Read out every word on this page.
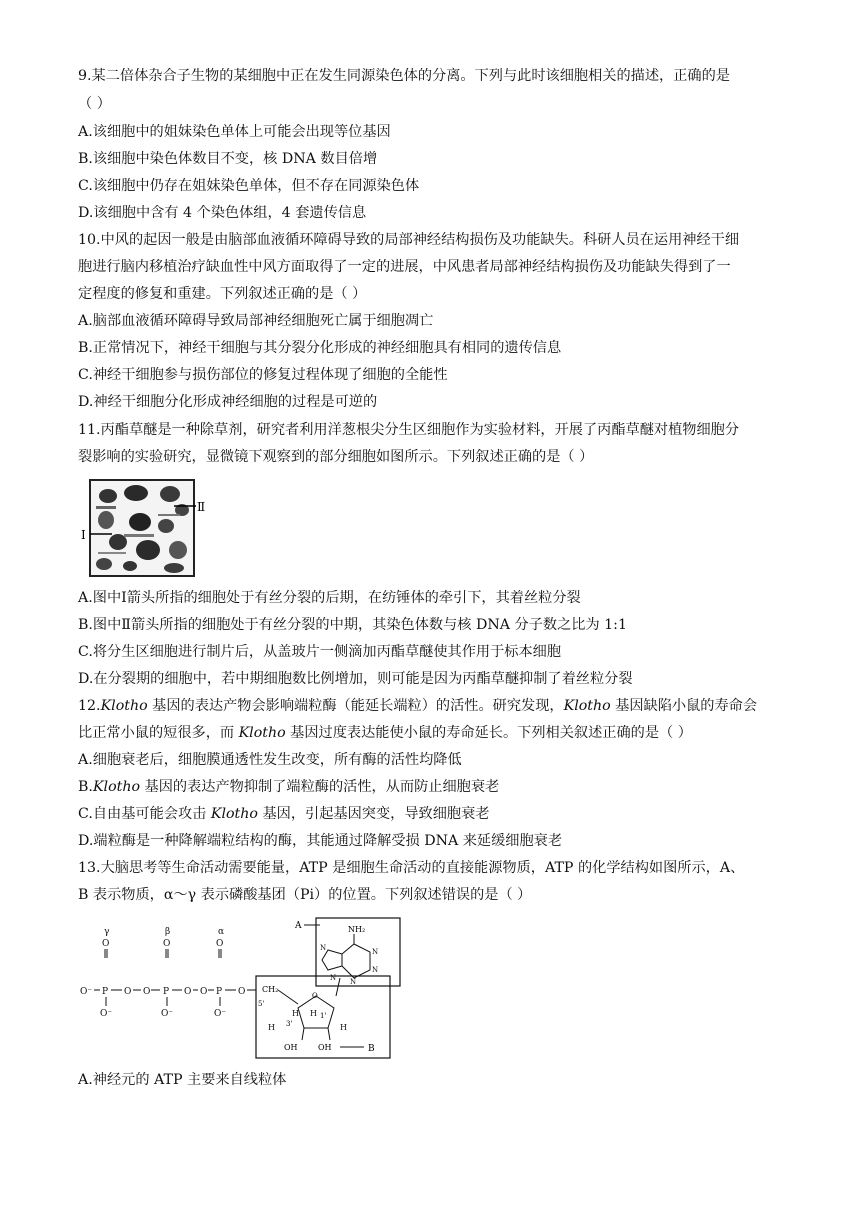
9.某二倍体杂合子生物的某细胞中正在发生同源染色体的分离。下列与此时该细胞相关的描述，正确的是
（ ）
A.该细胞中的姐妹染色单体上可能会出现等位基因
B.该细胞中染色体数目不变，核 DNA 数目倍增
C.该细胞中仍存在姐妹染色单体，但不存在同源染色体
D.该细胞中含有 4 个染色体组，4 套遗传信息
10.中风的起因一般是由脑部血液循环障碍导致的局部神经结构损伤及功能缺失。科研人员在运用神经干细
胞进行脑内移植治疗缺血性中风方面取得了一定的进展，中风患者局部神经结构损伤及功能缺失得到了一
定程度的修复和重建。下列叙述正确的是（ ）
A.脑部血液循环障碍导致局部神经细胞死亡属于细胞凋亡
B.正常情况下，神经干细胞与其分裂分化形成的神经细胞具有相同的遗传信息
C.神经干细胞参与损伤部位的修复过程体现了细胞的全能性
D.神经干细胞分化形成神经细胞的过程是可逆的
11.丙酯草醚是一种除草剂，研究者利用洋葱根尖分生区细胞作为实验材料，开展了丙酯草醚对植物细胞分
裂影响的实验研究，显微镜下观察到的部分细胞如图所示。下列叙述正确的是（ ）
Ⅰ
Ⅱ
A.图中Ⅰ箭头所指的细胞处于有丝分裂的后期，在纺锤体的牵引下，其着丝粒分裂
B.图中Ⅱ箭头所指的细胞处于有丝分裂的中期，其染色体数与核 DNA 分子数之比为 1:1
C.将分生区细胞进行制片后，从盖玻片一侧滴加丙酯草醚使其作用于标本细胞
D.在分裂期的细胞中，若中期细胞数比例增加，则可能是因为丙酯草醚抑制了着丝粒分裂
12.Klotho 基因的表达产物会影响端粒酶（能延长端粒）的活性。研究发现，Klotho 基因缺陷小鼠的寿命会
比正常小鼠的短很多，而 Klotho 基因过度表达能使小鼠的寿命延长。下列相关叙述正确的是（ ）
A.细胞衰老后，细胞膜通透性发生改变，所有酶的活性均降低
B.Klotho 基因的表达产物抑制了端粒酶的活性，从而防止细胞衰老
C.自由基可能会攻击 Klotho 基因，引起基因突变，导致细胞衰老
D.端粒酶是一种降解端粒结构的酶，其能通过降解受损 DNA 来延缓细胞衰老
13.大脑思考等生命活动需要能量，ATP 是细胞生命活动的直接能源物质，ATP 的化学结构如图所示，A、
B 表示物质，α～γ 表示磷酸基团（Pi）的位置。下列叙述错误的是（ ）
γ	β	α
O	O	O
O⁻ P O O P O O P O
O⁻	O⁻	O⁻
A	NH₂
N
N
N
N
N
CH₂
5'
O
1'
3'
H
H
H
H
OH	OH	B
A.神经元的 ATP 主要来自线粒体
